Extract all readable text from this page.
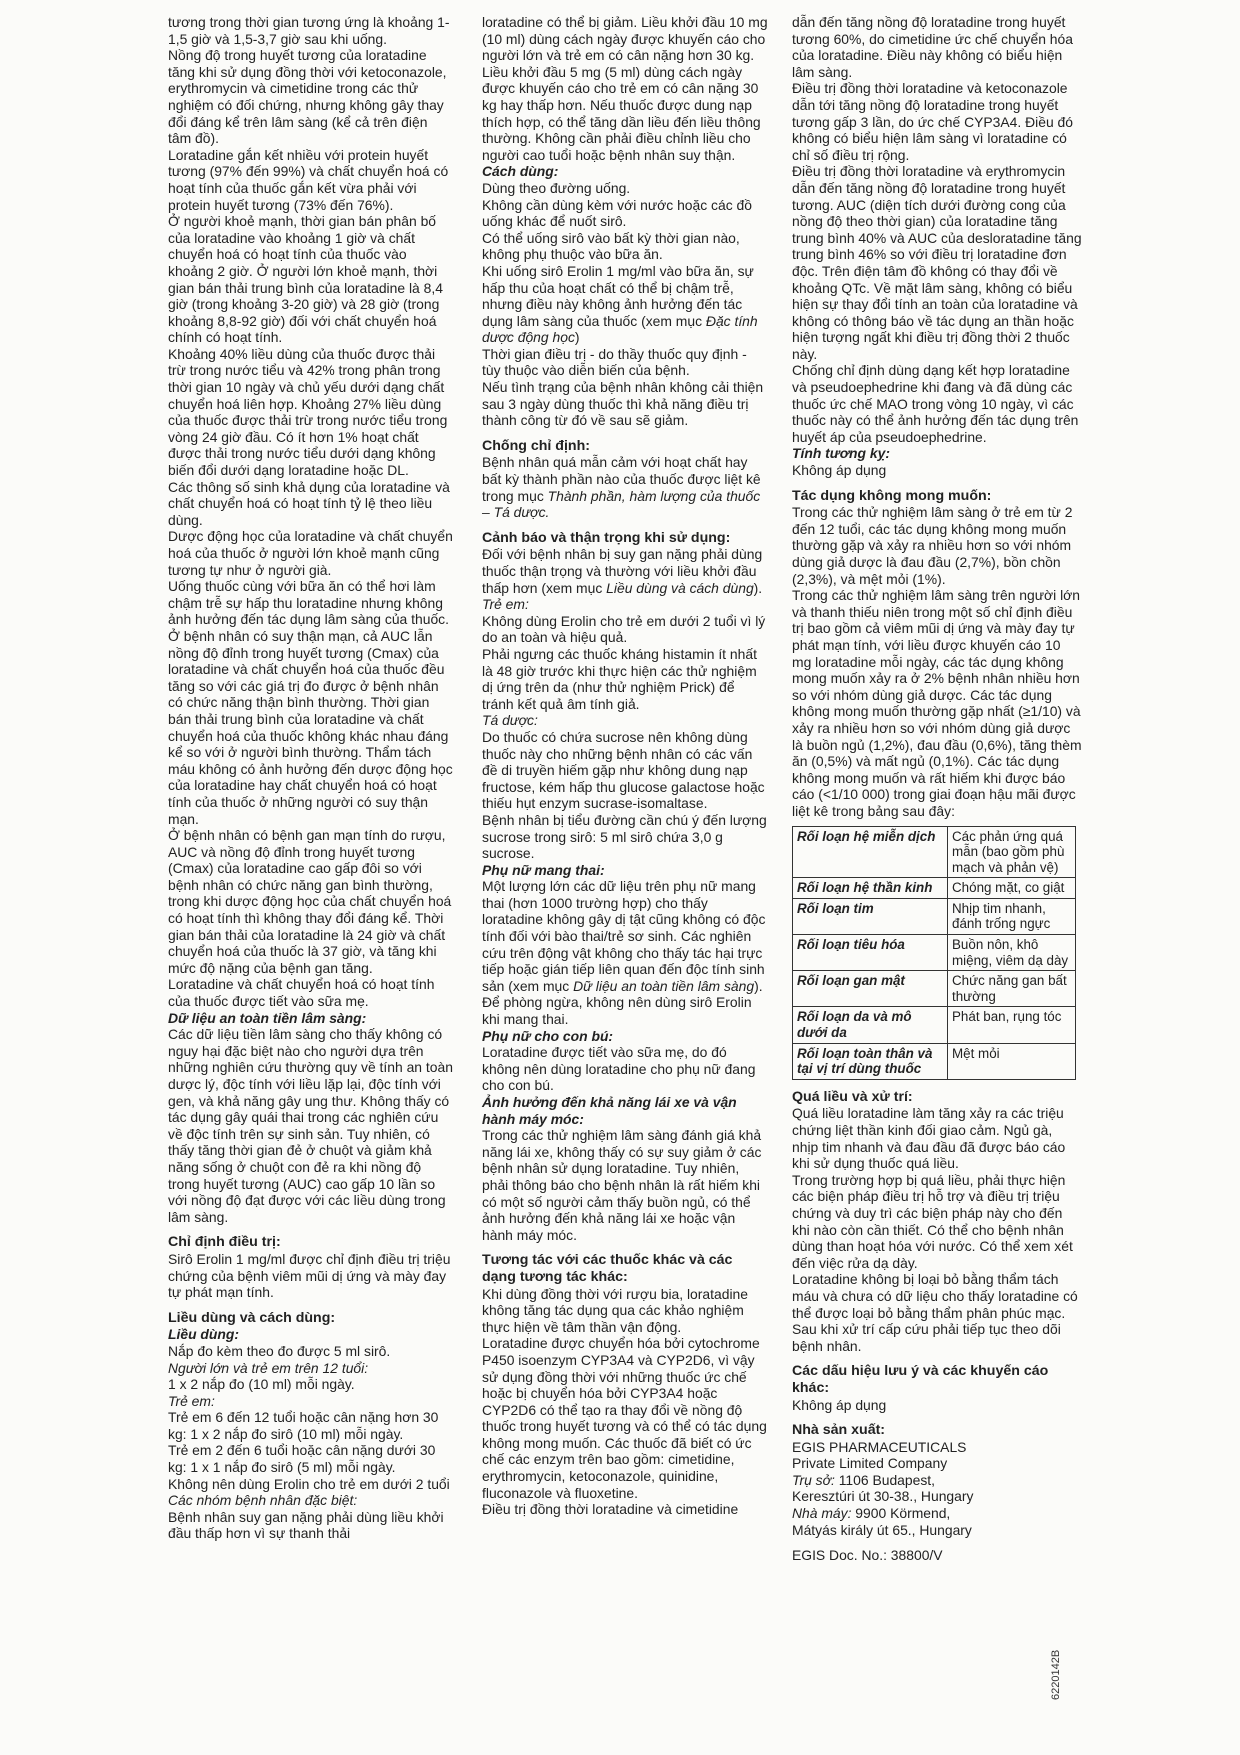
tương trong thời gian tương ứng là khoảng 1-1,5 giờ và 1,5-3,7 giờ sau khi uống.

Nồng độ trong huyết tương của loratadine tăng khi sử dụng đồng thời với ketoconazole, erythromycin và cimetidine trong các thử nghiệm có đối chứng, nhưng không gây thay đổi đáng kể trên lâm sàng (kể cả trên điện tâm đồ).

Loratadine gắn kết nhiều với protein huyết tương (97% đến 99%) và chất chuyển hoá có hoạt tính của thuốc gắn kết vừa phải với protein huyết tương (73% đến 76%).

Ở người khoẻ mạnh, thời gian bán phân bố của loratadine vào khoảng 1 giờ và chất chuyển hoá có hoạt tính của thuốc vào khoảng 2 giờ. Ở người lớn khoẻ mạnh, thời gian bán thải trung bình của loratadine là 8,4 giờ (trong khoảng 3-20 giờ) và 28 giờ (trong khoảng 8,8-92 giờ) đối với chất chuyển hoá chính có hoạt tính.

Khoảng 40% liều dùng của thuốc được thải trừ trong nước tiểu và 42% trong phân trong thời gian 10 ngày và chủ yếu dưới dạng chất chuyển hoá liên hợp. Khoảng 27% liều dùng của thuốc được thải trừ trong nước tiểu trong vòng 24 giờ đầu. Có ít hơn 1% hoạt chất được thải trong nước tiểu dưới dạng không biến đổi dưới dạng loratadine hoặc DL.

Các thông số sinh khả dụng của loratadine và chất chuyển hoá có hoạt tính tỷ lệ theo liều dùng.

Dược động học của loratadine và chất chuyển hoá của thuốc ở người lớn khoẻ mạnh cũng tương tự như ở người già.

Uống thuốc cùng với bữa ăn có thể hơi làm chậm trễ sự hấp thu loratadine nhưng không ảnh hưởng đến tác dụng lâm sàng của thuốc.

Ở bệnh nhân có suy thận mạn, cả AUC lẫn nồng độ đỉnh trong huyết tương (Cmax) của loratadine và chất chuyển hoá của thuốc đều tăng so với các giá trị đo được ở bệnh nhân có chức năng thận bình thường. Thời gian bán thải trung bình của loratadine và chất chuyển hoá của thuốc không khác nhau đáng kể so với ở người bình thường. Thẩm tách máu không có ảnh hưởng đến dược động học của loratadine hay chất chuyển hoá có hoạt tính của thuốc ở những người có suy thận mạn.

Ở bệnh nhân có bệnh gan mạn tính do rượu, AUC và nồng độ đỉnh trong huyết tương (Cmax) của loratadine cao gấp đôi so với bệnh nhân có chức năng gan bình thường, trong khi dược động học của chất chuyển hoá có hoạt tính thì không thay đổi đáng kể. Thời gian bán thải của loratadine là 24 giờ và chất chuyển hoá của thuốc là 37 giờ, và tăng khi mức độ nặng của bệnh gan tăng.

Loratadine và chất chuyển hoá có hoạt tính của thuốc được tiết vào sữa mẹ.

Dữ liệu an toàn tiền lâm sàng:

Các dữ liệu tiền lâm sàng cho thấy không có nguy hại đặc biệt nào cho người dựa trên những nghiên cứu thường quy về tính an toàn dược lý, độc tính với liều lặp lại, độc tính với gen, và khả năng gây ung thư. Không thấy có tác dụng gây quái thai trong các nghiên cứu về độc tính trên sự sinh sản. Tuy nhiên, có thấy tăng thời gian đẻ ở chuột và giảm khả năng sống ở chuột con đẻ ra khi nồng độ trong huyết tương (AUC) cao gấp 10 lần so với nồng độ đạt được với các liều dùng trong lâm sàng.

Chỉ định điều trị:

Sirô Erolin 1 mg/ml được chỉ định điều trị triệu chứng của bệnh viêm mũi dị ứng và mày đay tự phát mạn tính.

Liều dùng và cách dùng:

Liều dùng:

Nắp đo kèm theo đo được 5 ml sirô.

Người lớn và trẻ em trên 12 tuổi:

1 x 2 nắp đo (10 ml) mỗi ngày.

Trẻ em:

Trẻ em 6 đến 12 tuổi hoặc cân nặng hơn 30 kg: 1 x 2 nắp đo sirô (10 ml) mỗi ngày.

Trẻ em 2 đến 6 tuổi hoặc cân nặng dưới 30 kg: 1 x 1 nắp đo sirô (5 ml) mỗi ngày.

Không nên dùng Erolin cho trẻ em dưới 2 tuổi

Các nhóm bệnh nhân đặc biệt:

Bệnh nhân suy gan nặng phải dùng liều khởi đầu thấp hơn vì sự thanh thải

loratadine có thể bị giảm. Liều khởi đầu 10 mg (10 ml) dùng cách ngày được khuyến cáo cho người lớn và trẻ em có cân nặng hơn 30 kg. Liều khởi đầu 5 mg (5 ml) dùng cách ngày được khuyến cáo cho trẻ em có cân nặng 30 kg hay thấp hơn. Nếu thuốc được dung nạp thích hợp, có thể tăng dần liều đến liều thông thường. Không cần phải điều chỉnh liều cho người cao tuổi hoặc bệnh nhân suy thận.

Cách dùng:

Dùng theo đường uống.

Không cần dùng kèm với nước hoặc các đồ uống khác để nuốt sirô.

Có thể uống sirô vào bất kỳ thời gian nào, không phụ thuộc vào bữa ăn.

Khi uống sirô Erolin 1 mg/ml vào bữa ăn, sự hấp thu của hoạt chất có thể bị chậm trễ, nhưng điều này không ảnh hưởng đến tác dụng lâm sàng của thuốc (xem mục Đặc tính dược động học)

Thời gian điều trị - do thầy thuốc quy định - tùy thuộc vào diễn biến của bệnh.

Nếu tình trạng của bệnh nhân không cải thiện sau 3 ngày dùng thuốc thì khả năng điều trị thành công từ đó về sau sẽ giảm.

Chống chỉ định:

Bệnh nhân quá mẫn cảm với hoạt chất hay bất kỳ thành phần nào của thuốc được liệt kê trong mục Thành phần, hàm lượng của thuốc – Tá dược.

Cảnh báo và thận trọng khi sử dụng:

Đối với bệnh nhân bị suy gan nặng phải dùng thuốc thận trọng và thường với liều khởi đầu thấp hơn (xem mục Liều dùng và cách dùng).

Trẻ em:

Không dùng Erolin cho trẻ em dưới 2 tuổi vì lý do an toàn và hiệu quả.

Phải ngưng các thuốc kháng histamin ít nhất là 48 giờ trước khi thực hiện các thử nghiệm dị ứng trên da (như thử nghiệm Prick) để tránh kết quả âm tính giả.

Tá dược:

Do thuốc có chứa sucrose nên không dùng thuốc này cho những bệnh nhân có các vấn đề di truyền hiếm gặp như không dung nạp fructose, kém hấp thu glucose galactose hoặc thiếu hụt enzym sucrase-isomaltase.

Bệnh nhân bị tiểu đường cần chú ý đến lượng sucrose trong sirô: 5 ml sirô chứa 3,0 g sucrose.

Phụ nữ mang thai:

Một lượng lớn các dữ liệu trên phụ nữ mang thai (hơn 1000 trường hợp) cho thấy loratadine không gây dị tật cũng không có độc tính đối với bào thai/trẻ sơ sinh. Các nghiên cứu trên động vật không cho thấy tác hại trực tiếp hoặc gián tiếp liên quan đến độc tính sinh sản (xem mục Dữ liệu an toàn tiền lâm sàng). Để phòng ngừa, không nên dùng sirô Erolin khi mang thai.

Phụ nữ cho con bú:

Loratadine được tiết vào sữa mẹ, do đó không nên dùng loratadine cho phụ nữ đang cho con bú.

Ảnh hưởng đến khả năng lái xe và vận hành máy móc:

Trong các thử nghiệm lâm sàng đánh giá khả năng lái xe, không thấy có sự suy giảm ở các bệnh nhân sử dụng loratadine. Tuy nhiên, phải thông báo cho bệnh nhân là rất hiếm khi có một số người cảm thấy buồn ngủ, có thể ảnh hưởng đến khả năng lái xe hoặc vận hành máy móc.

Tương tác với các thuốc khác và các dạng tương tác khác:

Khi dùng đồng thời với rượu bia, loratadine không tăng tác dụng qua các khảo nghiệm thực hiện về tâm thần vận động.

Loratadine được chuyển hóa bởi cytochrome P450 isoenzym CYP3A4 và CYP2D6, vì vậy sử dụng đồng thời với những thuốc ức chế hoặc bị chuyển hóa bởi CYP3A4 hoặc CYP2D6 có thể tạo ra thay đổi về nồng độ thuốc trong huyết tương và có thể có tác dụng không mong muốn. Các thuốc đã biết có ức chế các enzym trên bao gồm: cimetidine, erythromycin, ketoconazole, quinidine, fluconazole và fluoxetine.

Điều trị đồng thời loratadine và cimetidine

dẫn đến tăng nồng độ loratadine trong huyết tương 60%, do cimetidine ức chế chuyển hóa của loratadine. Điều này không có biểu hiện lâm sàng.

Điều trị đồng thời loratadine và ketoconazole dẫn tới tăng nồng độ loratadine trong huyết tương gấp 3 lần, do ức chế CYP3A4. Điều đó không có biểu hiện lâm sàng vì loratadine có chỉ số điều trị rộng.

Điều trị đồng thời loratadine và erythromycin dẫn đến tăng nồng độ loratadine trong huyết tương. AUC (diện tích dưới đường cong của nồng độ theo thời gian) của loratadine tăng trung bình 40% và AUC của desloratadine tăng trung bình 46% so với điều trị loratadine đơn độc. Trên điện tâm đồ không có thay đổi về khoảng QTc. Về mặt lâm sàng, không có biểu hiện sự thay đổi tính an toàn của loratadine và không có thông báo về tác dụng an thần hoặc hiện tượng ngất khi điều trị đồng thời 2 thuốc này.

Chống chỉ định dùng dạng kết hợp loratadine và pseudoephedrine khi đang và đã dùng các thuốc ức chế MAO trong vòng 10 ngày, vì các thuốc này có thể ảnh hưởng đến tác dụng trên huyết áp của pseudoephedrine.

Tính tương kỵ:

Không áp dụng

Tác dụng không mong muốn:

Trong các thử nghiệm lâm sàng ở trẻ em từ 2 đến 12 tuổi, các tác dụng không mong muốn thường gặp và xảy ra nhiều hơn so với nhóm dùng giả dược là đau đầu (2,7%), bồn chồn (2,3%), và mệt mỏi (1%).

Trong các thử nghiệm lâm sàng trên người lớn và thanh thiếu niên trong một số chỉ định điều trị bao gồm cả viêm mũi dị ứng và mày đay tự phát mạn tính, với liều được khuyến cáo 10 mg loratadine mỗi ngày, các tác dụng không mong muốn xảy ra ở 2% bệnh nhân nhiều hơn so với nhóm dùng giả dược. Các tác dụng không mong muốn thường gặp nhất (≥1/10) và xảy ra nhiều hơn so với nhóm dùng giả dược là buồn ngủ (1,2%), đau đầu (0,6%), tăng thèm ăn (0,5%) và mất ngủ (0,1%). Các tác dụng không mong muốn và rất hiếm khi được báo cáo (<1/10 000) trong giai đoạn hậu mãi được liệt kê trong bảng sau đây:

Rối loạn hệ miễn dịch	Các phản ứng quá mẫn (bao gồm phù mạch và phản vệ)
Rối loạn hệ thần kinh	Chóng mặt, co giật
Rối loạn tim	Nhịp tim nhanh, đánh trống ngực
Rối loạn tiêu hóa	Buồn nôn, khô miệng, viêm dạ dày
Rối loạn gan mật	Chức năng gan bất thường
Rối loạn da và mô dưới da	Phát ban, rụng tóc
Rối loạn toàn thân và tại vị trí dùng thuốc	Mệt mỏi

Quá liều và xử trí:

Quá liều loratadine làm tăng xảy ra các triệu chứng liệt thần kinh đối giao cảm. Ngủ gà, nhịp tim nhanh và đau đầu đã được báo cáo khi sử dụng thuốc quá liều.

Trong trường hợp bị quá liều, phải thực hiện các biện pháp điều trị hỗ trợ và điều trị triệu chứng và duy trì các biện pháp này cho đến khi nào còn cần thiết. Có thể cho bệnh nhân dùng than hoạt hóa với nước. Có thể xem xét đến việc rửa dạ dày.

Loratadine không bị loại bỏ bằng thẩm tách máu và chưa có dữ liệu cho thấy loratadine có thể được loại bỏ bằng thẩm phân phúc mạc. Sau khi xử trí cấp cứu phải tiếp tục theo dõi bệnh nhân.

Các dấu hiệu lưu ý và các khuyến cáo khác:

Không áp dụng

Nhà sản xuất:

EGIS PHARMACEUTICALS

Private Limited Company

Trụ sở: 1106 Budapest,

Keresztúri út 30-38., Hungary

Nhà máy: 9900 Körmend,

Mátyás király út 65., Hungary

EGIS Doc. No.: 38800/V

6220142B
